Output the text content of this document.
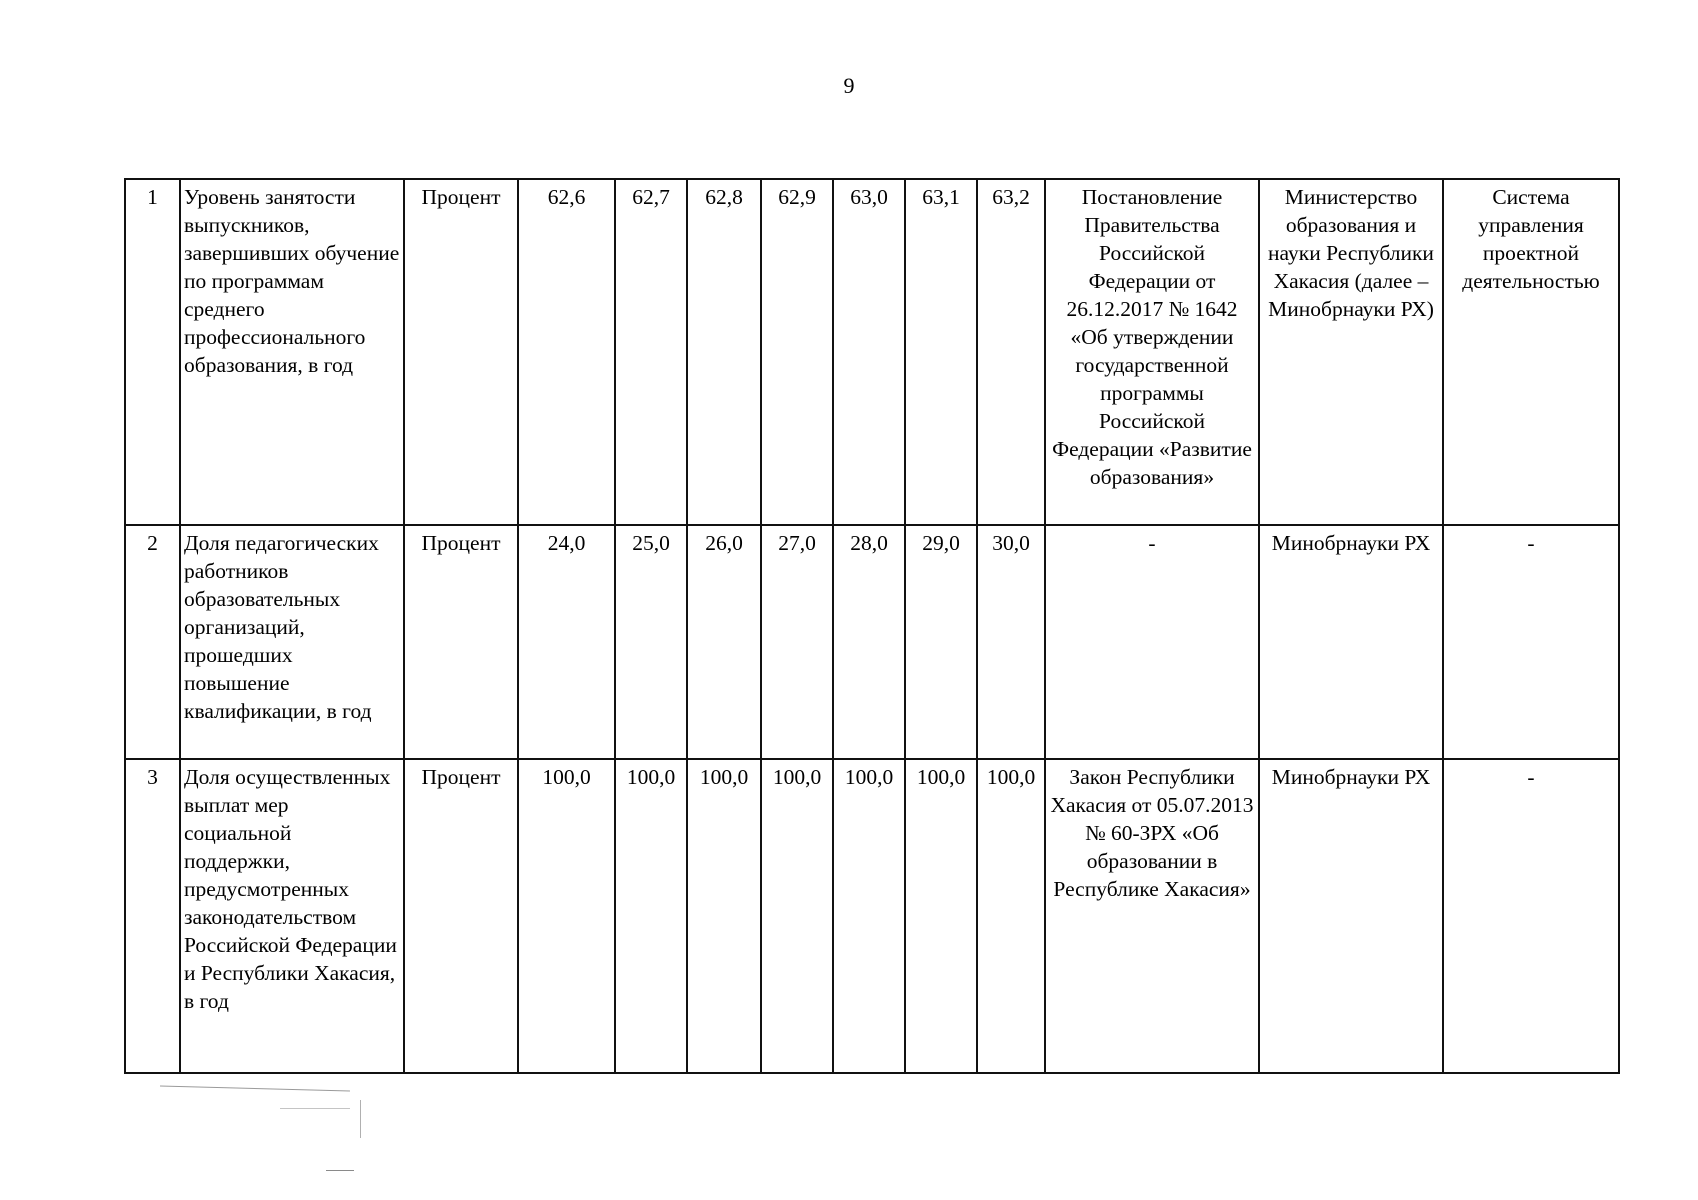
9
1	Уровень занятости выпускников, завершивших обучение по программам среднего профессионального образования, в год	Процент	62,6	62,7	62,8	62,9	63,0	63,1	63,2	Постановление Правительства Российской Федерации от 26.12.2017 № 1642 «Об утверждении государственной программы Российской Федерации «Развитие образования»	Министерство образования и науки Республики Хакасия (далее – Минобрнауки РХ)	Система управления проектной деятельностью
2	Доля педагогических работников образовательных организаций, прошедших повышение квалификации, в год	Процент	24,0	25,0	26,0	27,0	28,0	29,0	30,0	-	Минобрнауки РХ	-
3	Доля осуществленных выплат мер социальной поддержки, предусмотренных законодательством Российской Федерации и Республики Хакасия, в год	Процент	100,0	100,0	100,0	100,0	100,0	100,0	100,0	Закон Республики Хакасия от 05.07.2013 № 60-ЗРХ «Об образовании в Республике Хакасия»	Минобрнауки РХ	-
